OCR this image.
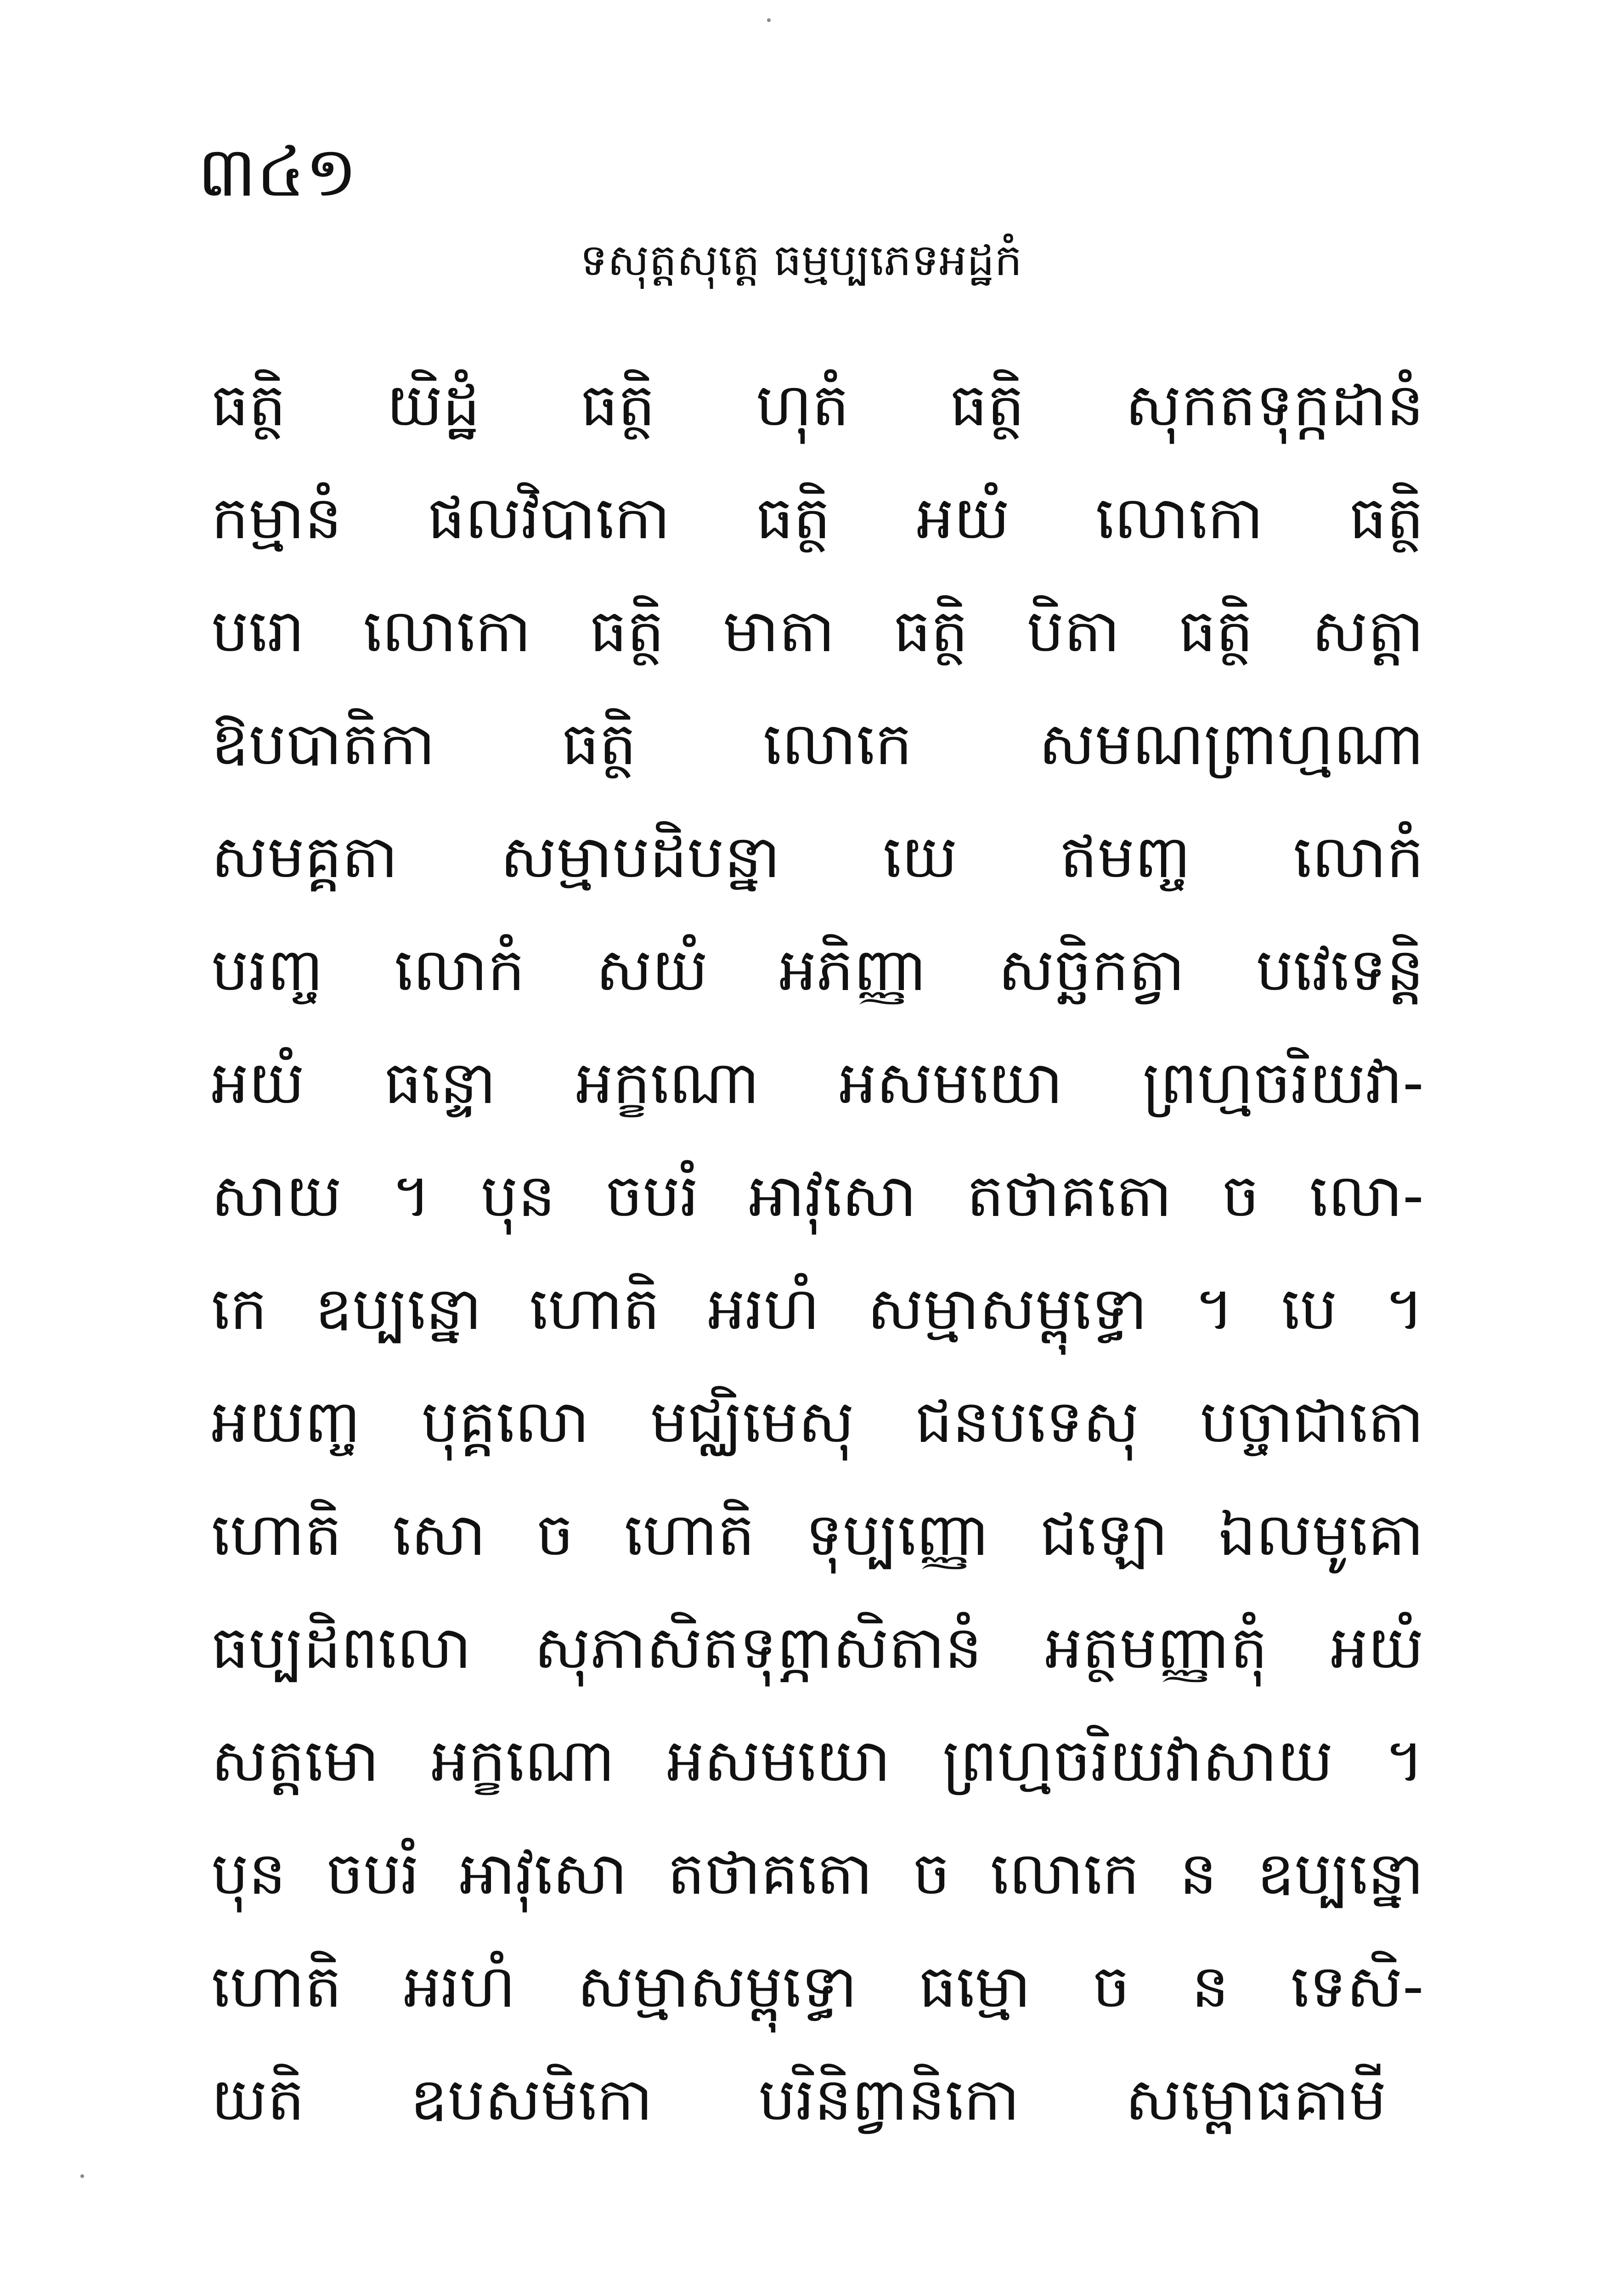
៣៤១
ទសុត្តសុត្តេ ធម្មប្បភេទអដ្ឋកំ
ធត្ថិ យិដ្ឋំ ធត្ថិ ហុតំ ធត្ថិ សុកតទុក្កដានំ
កម្មានំ ផលវិបាកោ ធត្ថិ អយំ លោកោ ធត្ថិ
បរោ លោកោ ធត្ថិ មាតា ធត្ថិ បិតា ធត្ថិ សត្តា
ឱបបាតិកា ធត្ថិ លោកេ សមណព្រាហ្មណា
សមគ្គតា សម្មាបដិបន្នា យេ ឥមញ្ច លោកំ
បរញ្ច លោកំ សយំ អភិញ្ញា សច្ឆិកត្វា បវេទេន្តិ
អយំ ធន្ទោ អក្ខណោ អសមយោ ព្រហ្មចរិយវា-
សាយ ។ បុន ចបរំ អាវុសោ តថាគតោ ច លោ-
កេ ឧប្បន្នោ ហោតិ អរហំ សម្មាសម្ពុទ្ធោ ។ បេ ។
អយញ្ច បុគ្គលោ មជ្ឈិមេសុ ជនបទេសុ បច្ចាជាតោ
ហោតិ សោ ច ហោតិ ទុប្បញ្ញោ ជឡោ ឯលមូគោ
ធប្បដិពលោ សុភាសិតទុព្ភាសិតានំ អត្ថមញ្ញាតុំ អយំ
សត្តមោ អក្ខណោ អសមយោ ព្រហ្មចរិយវាសាយ ។
បុន ចបរំ អាវុសោ តថាគតោ ច លោកេ ន ឧប្បន្នោ
ហោតិ អរហំ សម្មាសម្ពុទ្ធោ ធម្មោ ច ន ទេសិ-
យតិ ឧបសមិកោ បរិនិព្វានិកោ សម្ពោធគាមី
